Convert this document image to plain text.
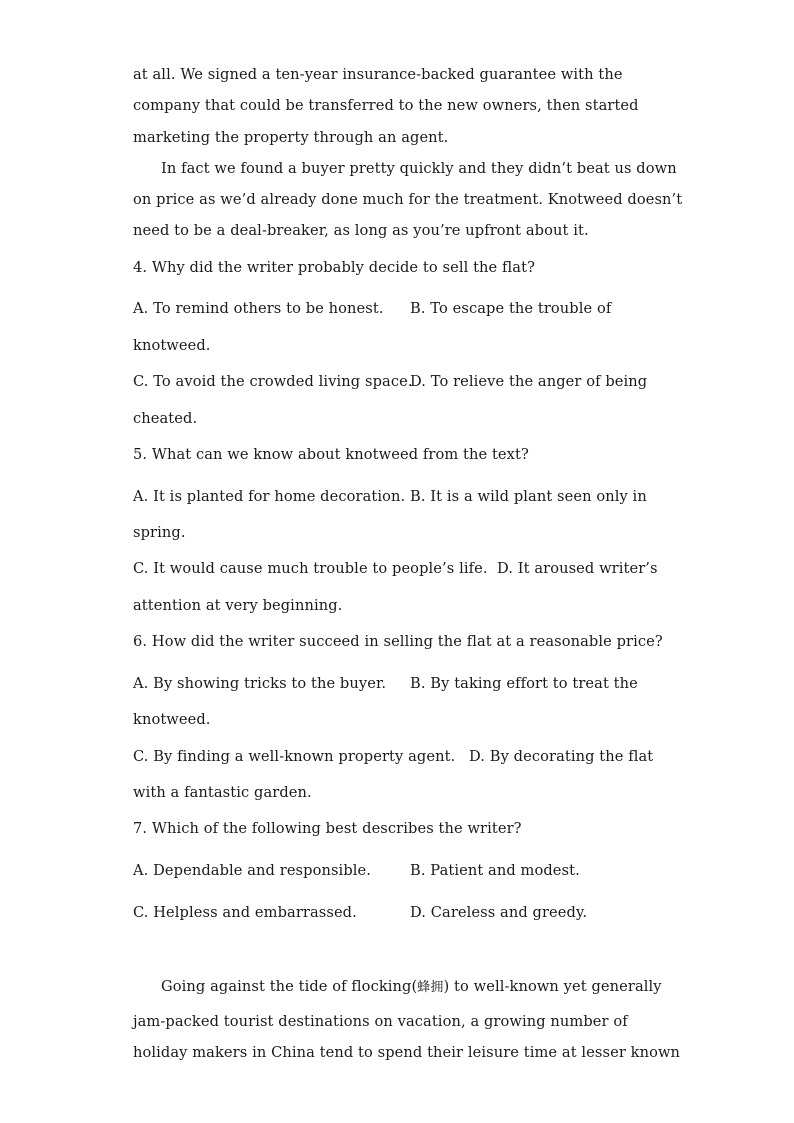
at all. We signed a ten-year insurance-backed guarantee with the
company that could be transferred to the new owners, then started
marketing the property through an agent.
In fact we found a buyer pretty quickly and they didn’t beat us down
on price as we’d already done much for the treatment. Knotweed doesn’t
need to be a deal-breaker, as long as you’re upfront about it.
4. Why did the writer probably decide to sell the flat?
A. To remind others to be honest. B. To escape the trouble of
knotweed.
C. To avoid the crowded living space.
D. To relieve the anger of being
cheated.
5. What can we know about knotweed from the text?
A. It is planted for home decoration. B. It is a wild plant seen only in
spring.
C. It would cause much trouble to people’s life. D. It aroused writer’s
attention at very beginning.
6. How did the writer succeed in selling the flat at a reasonable price?
A. By showing tricks to the buyer. B. By taking effort to treat the
knotweed.
C. By finding a well-known property agent. D. By decorating the flat
with a fantastic garden.
7. Which of the following best describes the writer?
A. Dependable and responsible.	B. Patient and modest.
C. Helpless and embarrassed.	D. Careless and greedy.
Going against the tide of flocking(蜂拥) to well-known yet generally
jam-packed tourist destinations on vacation, a growing number of
holiday makers in China tend to spend their leisure time at lesser known
